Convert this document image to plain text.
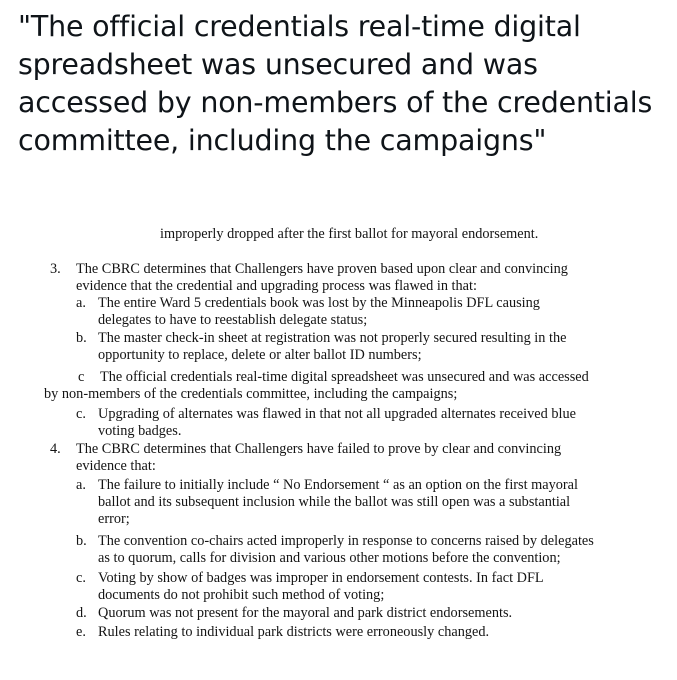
"The official credentials real-time digital
spreadsheet was unsecured and was
accessed by non-members of the credentials
committee, including the campaigns"
improperly dropped after the first ballot for mayoral endorsement.
3. The CBRC determines that Challengers have proven based upon clear and convincing
evidence that the credential and upgrading process was flawed in that:
a. The entire Ward 5 credentials book was lost by the Minneapolis DFL causing
delegates to have to reestablish delegate status;
b. The master check-in sheet at registration was not properly secured resulting in the
opportunity to replace, delete or alter ballot ID numbers;
c The official credentials real-time digital spreadsheet was unsecured and was accessed
by non-members of the credentials committee, including the campaigns;
c. Upgrading of alternates was flawed in that not all upgraded alternates received blue
voting badges.
4. The CBRC determines that Challengers have failed to prove by clear and convincing
evidence that:
a. The failure to initially include “ No Endorsement “ as an option on the first mayoral
ballot and its subsequent inclusion while the ballot was still open was a substantial
error;
b. The convention co-chairs acted improperly in response to concerns raised by delegates
as to quorum, calls for division and various other motions before the convention;
c. Voting by show of badges was improper in endorsement contests. In fact DFL
documents do not prohibit such method of voting;
d. Quorum was not present for the mayoral and park district endorsements.
e. Rules relating to individual park districts were erroneously changed.
